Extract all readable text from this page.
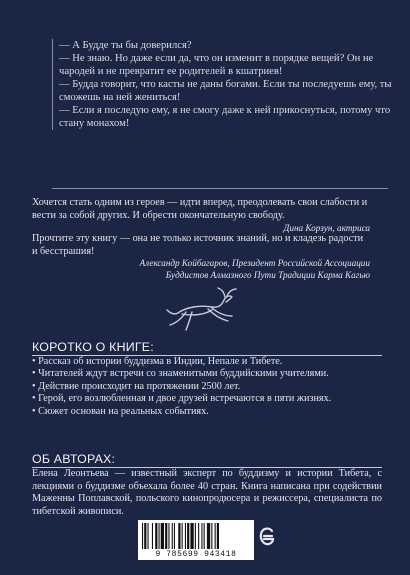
— А Будде ты бы доверился?

— Не знаю. Но даже если да, что он изменит в порядке вещей? Он не чародей и не превратит ее родителей в кшатриев!

— Будда говорит, что касты не даны богами. Если ты последуешь ему, ты сможешь на ней жениться!

— Если я последую ему, я не смогу даже к ней прикоснуться, потому что стану монахом!

Хочется стать одним из героев — идти вперед, преодолевать свои слабости и вести за собой других. И обрести окончательную свободу.

Дина Корзун, актриса

Прочтите эту книгу — она не только источник знаний, но и кладезь радости и бесстрашия!

Александр Койбагаров, Президент Российской Ассоциации

Буддистов Алмазного Пути Традиции Карма Кагью

КОРОТКО О КНИГЕ:
• Рассказ об истории буддизма в Индии, Непале и Тибете.
• Читателей ждут встречи со знаменитыми буддийскими учителями.
• Действие происходит на протяжении 2500 лет.
• Герой, его возлюбленная и двое друзей встречаются в пяти жизнях.
• Сюжет основан на реальных событиях.
ОБ АВТОРАХ:

Елена Леонтьева — известный эксперт по буддизму и истории Тибета, с лекциями о буддизме объехала более 40 стран. Книга написана при содействии Маженны Поплавской, польского кинопродюсера и режиссера, специалиста по тибетской живописи.

9 785699 943418
